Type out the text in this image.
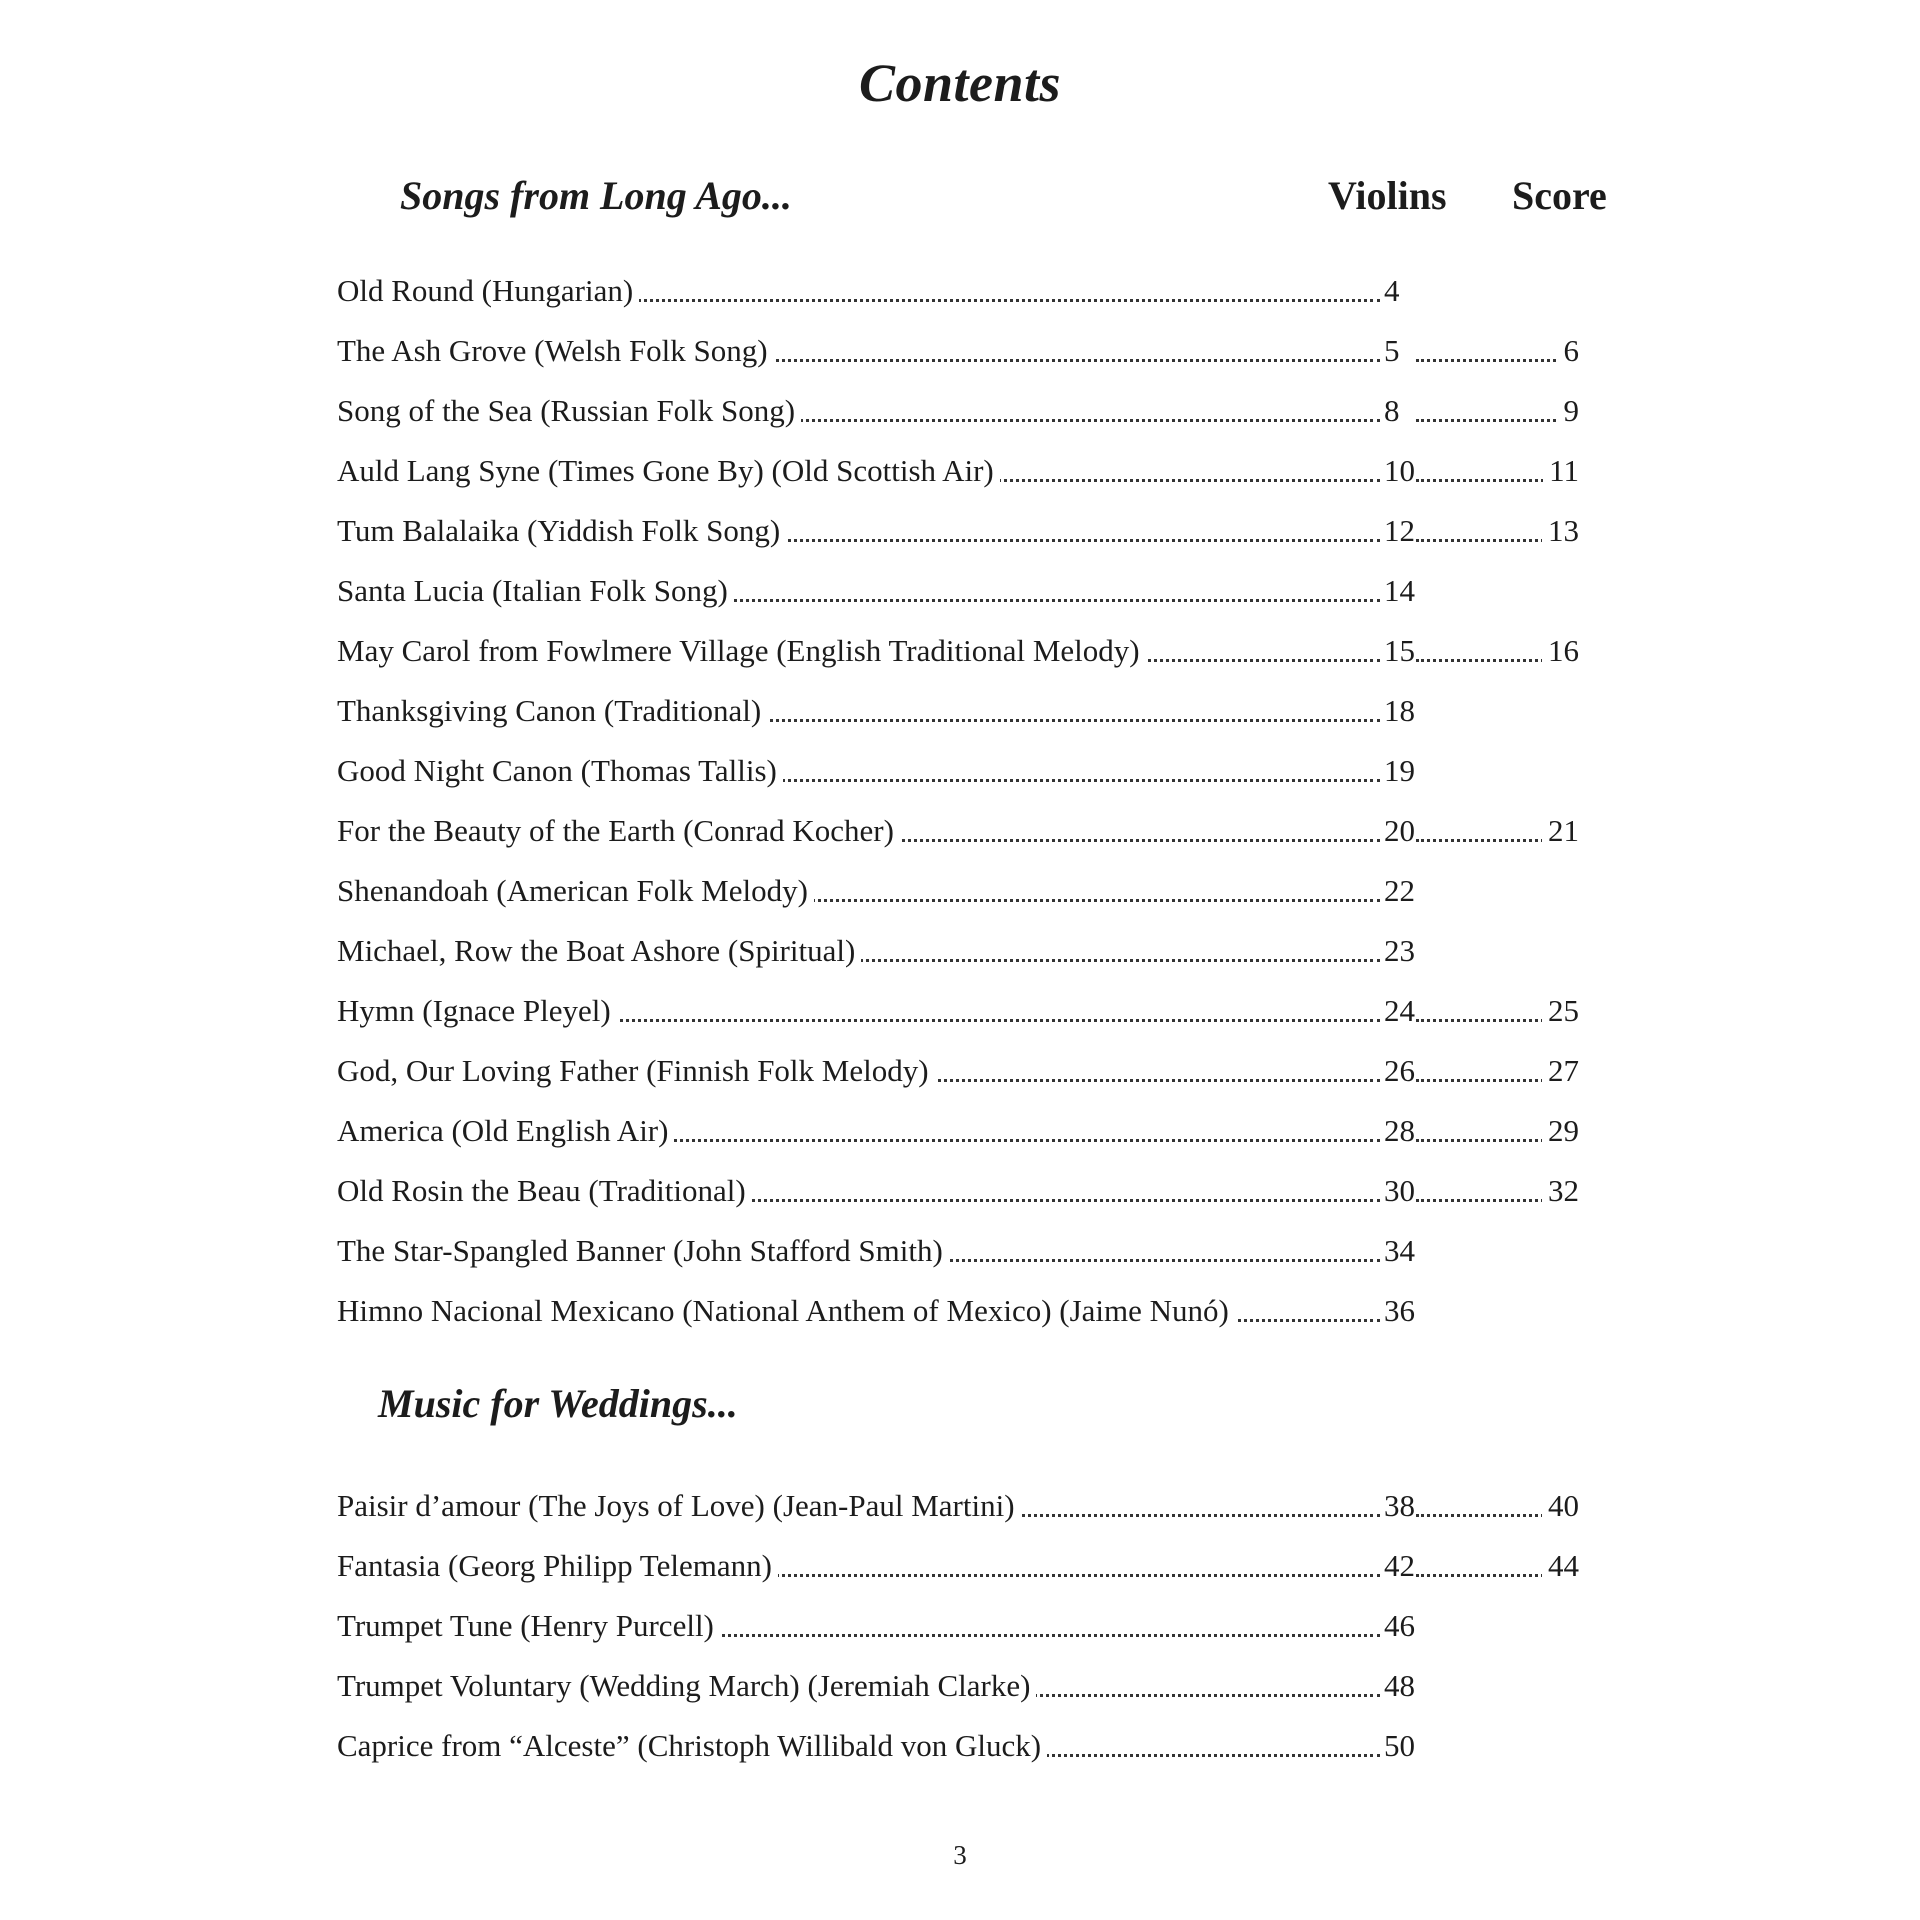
Contents
Songs from Long Ago...	Violins Score
Old Round (Hungarian)	4
The Ash Grove (Welsh Folk Song)	5	6
Song of the Sea (Russian Folk Song)	8	9
Auld Lang Syne (Times Gone By) (Old Scottish Air)	10	11
Tum Balalaika (Yiddish Folk Song)	12	13
Santa Lucia (Italian Folk Song)	14
May Carol from Fowlmere Village (English Traditional Melody)	15	16
Thanksgiving Canon (Traditional)	18
Good Night Canon (Thomas Tallis)	19
For the Beauty of the Earth (Conrad Kocher)	20	21
Shenandoah (American Folk Melody)	22
Michael, Row the Boat Ashore (Spiritual)	23
Hymn (Ignace Pleyel)	24	25
God, Our Loving Father (Finnish Folk Melody)	26	27
America (Old English Air)	28	29
Old Rosin the Beau (Traditional)	30	32
The Star-Spangled Banner (John Stafford Smith)	34
Himno Nacional Mexicano (National Anthem of Mexico) (Jaime Nunó)	36
Music for Weddings...
Paisir d’amour (The Joys of Love) (Jean-Paul Martini)	38	40
Fantasia (Georg Philipp Telemann)	42	44
Trumpet Tune (Henry Purcell)	46
Trumpet Voluntary (Wedding March) (Jeremiah Clarke)	48
Caprice from “Alceste” (Christoph Willibald von Gluck)	50
3
